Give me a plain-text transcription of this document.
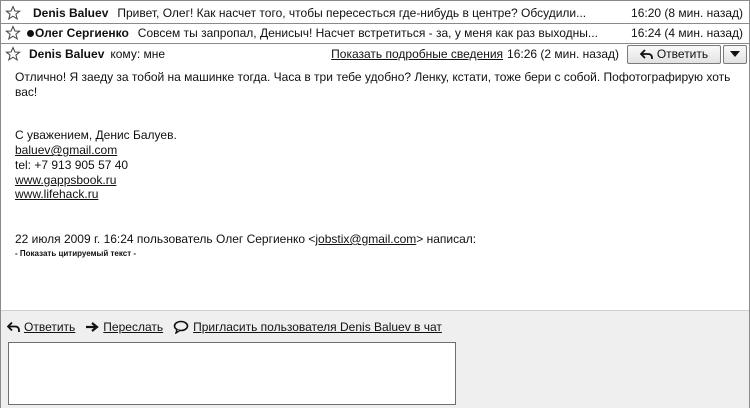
Denis Baluev Привет, Олег! Как насчет того, чтобы пересесться где-нибудь в центре? Обсудили...	16:20 (8 мин. назад)
Олег Сергиенко Совсем ты запропал, Денисыч! Насчет встретиться - за, у меня как раз выходны...	16:24 (4 мин. назад)
Denis Baluev кому: мне	Показать подробные сведения 16:26 (2 мин. назад)	Ответить

Отлично! Я заеду за тобой на машинке тогда. Часа в три тебе удобно? Ленку, кстати, тоже бери с собой. Пофотографирую хоть вас!

С уважением, Денис Балуев.

baluev@gmail.com

tel: +7 913 905 57 40

www.gappsbook.ru

www.lifehack.ru

22 июля 2009 г. 16:24 пользователь Олег Сергиенко <jobstix@gmail.com> написал:

- Показать цитируемый текст -

Ответить Переслать	Пригласить пользователя Denis Baluev в чат
